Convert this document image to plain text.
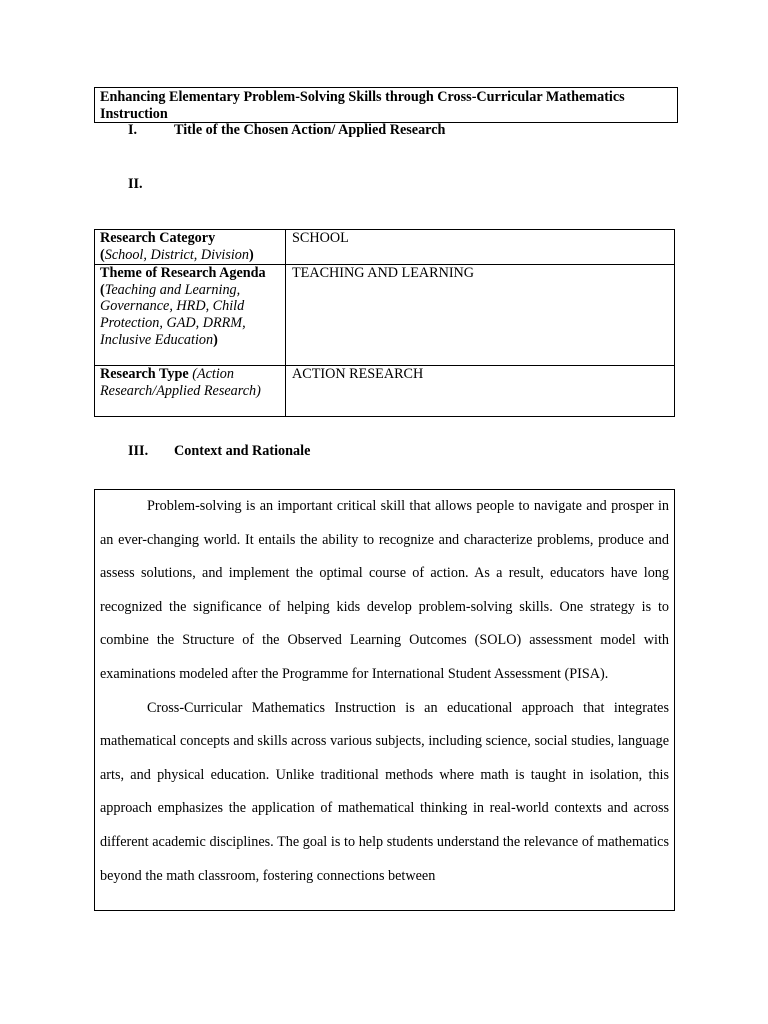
Enhancing Elementary Problem-Solving Skills through Cross-Curricular Mathematics Instruction
I.	Title of the Chosen Action/ Applied Research
II.
Research Category
(School, District, Division)	SCHOOL
Theme of Research Agenda (Teaching and Learning, Governance, HRD, Child Protection, GAD, DRRM, Inclusive Education)	TEACHING AND LEARNING
Research Type (Action Research/Applied Research)	ACTION RESEARCH
III. Context and Rationale

Problem-solving is an important critical skill that allows people to navigate and prosper in an ever-changing world. It entails the ability to recognize and characterize problems, produce and assess solutions, and implement the optimal course of action. As a result, educators have long recognized the significance of helping kids develop problem-solving skills. One strategy is to combine the Structure of the Observed Learning Outcomes (SOLO) assessment model with examinations modeled after the Programme for International Student Assessment (PISA).

Cross-Curricular Mathematics Instruction is an educational approach that integrates mathematical concepts and skills across various subjects, including science, social studies, language arts, and physical education. Unlike traditional methods where math is taught in isolation, this approach emphasizes the application of mathematical thinking in real-world contexts and across different academic disciplines. The goal is to help students understand the relevance of mathematics beyond the math classroom, fostering connections between
